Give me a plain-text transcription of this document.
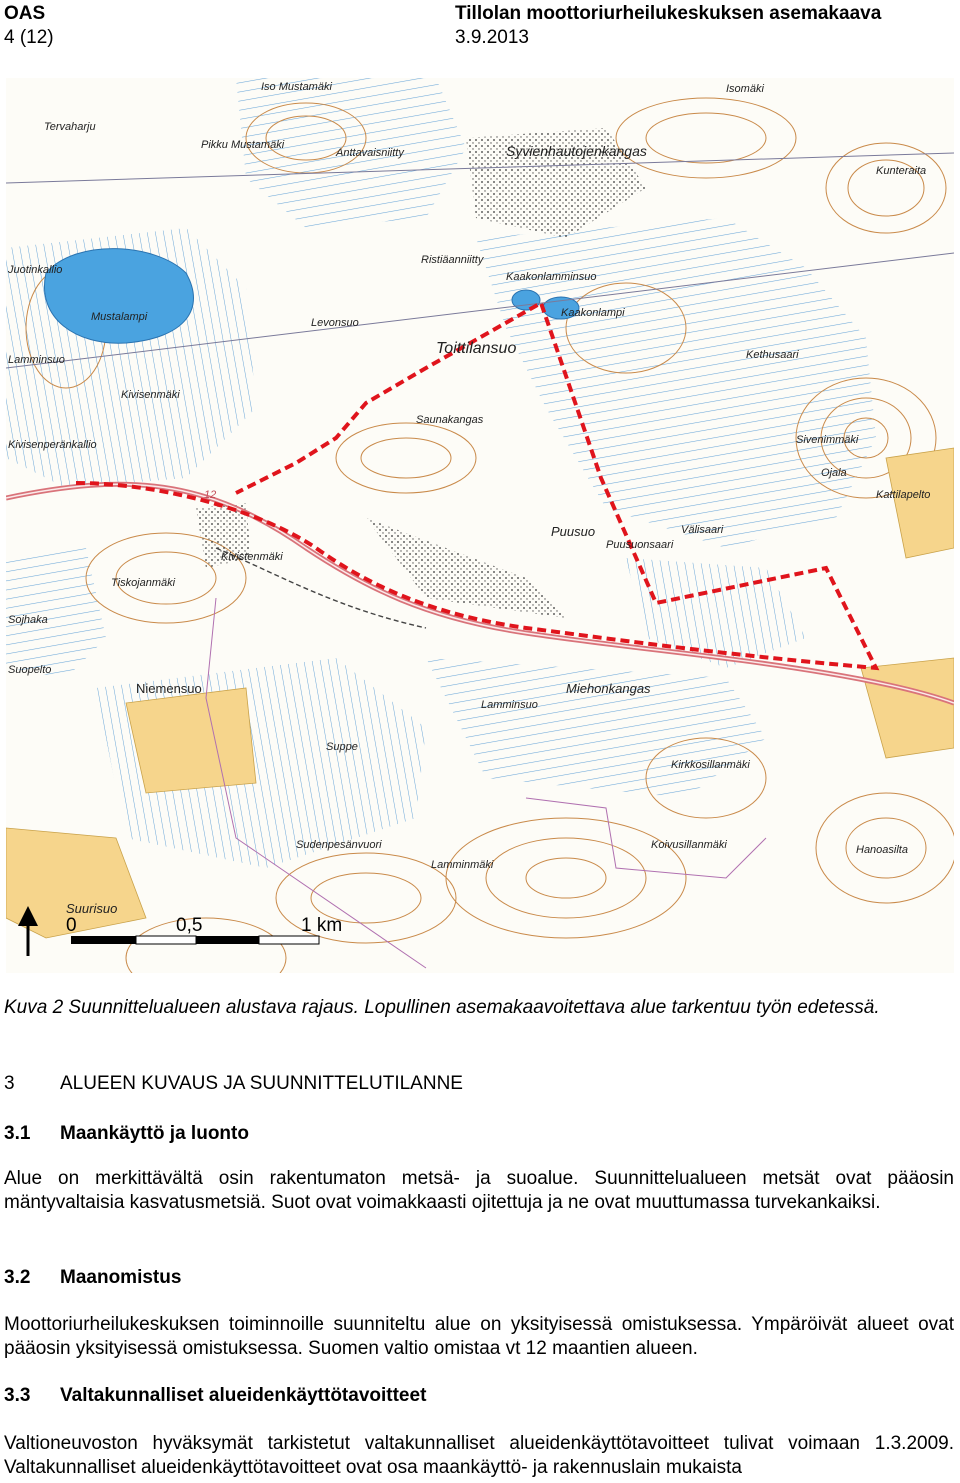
OAS
4 (12)
Tillolan moottoriurheilukeskuksen asemakaava
3.9.2013
Iso Mustamäki
Tervaharju
Pikku Mustamäki
Anttavaisniitty	Syvienhautojenkangas
Isomäki
Kunteraita
Juotinkallio
Ristiäanniitty
Kaakonlamminsuo
Kaakonlampi
Mustalampi	Levonsuo
Toittilansuo	Kethusaari
Lamminsuo
Kivisenmäki
Saunakangas
Sivenimmäki
Ojala
Kivisenperänkallio
Kattilapelto
12
Puusuo	Välisaari
Puusuonsaari
Kivistenmäki
Tiskojanmäki
Sojhaka
Suopelto
Niemensuo	Miehonkangas
Lamminsuo
Suppe
Kirkkosillanmäki
Koivusillanmäki
Sudenpesänvuori
Lamminmäki
Hanoasilta
Suurisuo
0	0,5	1 km
Kuva 2 Suunnittelualueen alustava rajaus. Lopullinen asemakaavoitettava alue tarkentuu työn edetessä.
3 ALUEEN KUVAUS JA SUUNNITTELUTILANNE
3.1 Maankäyttö ja luonto
Alue on merkittävältä osin rakentumaton metsä- ja suoalue. Suunnittelualueen metsät ovat pääosin mäntyvaltaisia kasvatusmetsiä. Suot ovat voimakkaasti ojitettuja ja ne ovat muuttumassa turvekankaiksi.
3.2 Maanomistus
Moottoriurheilukeskuksen toiminnoille suunniteltu alue on yksityisessä omistuksessa. Ympäröivät alueet ovat pääosin yksityisessä omistuksessa. Suomen valtio omistaa vt 12 maantien alueen.
3.3 Valtakunnalliset alueidenkäyttötavoitteet
Valtioneuvoston hyväksymät tarkistetut valtakunnalliset alueidenkäyttötavoitteet tulivat voimaan 1.3.2009. Valtakunnalliset alueidenkäyttötavoitteet ovat osa maankäyttö- ja rakennuslain mukaista
